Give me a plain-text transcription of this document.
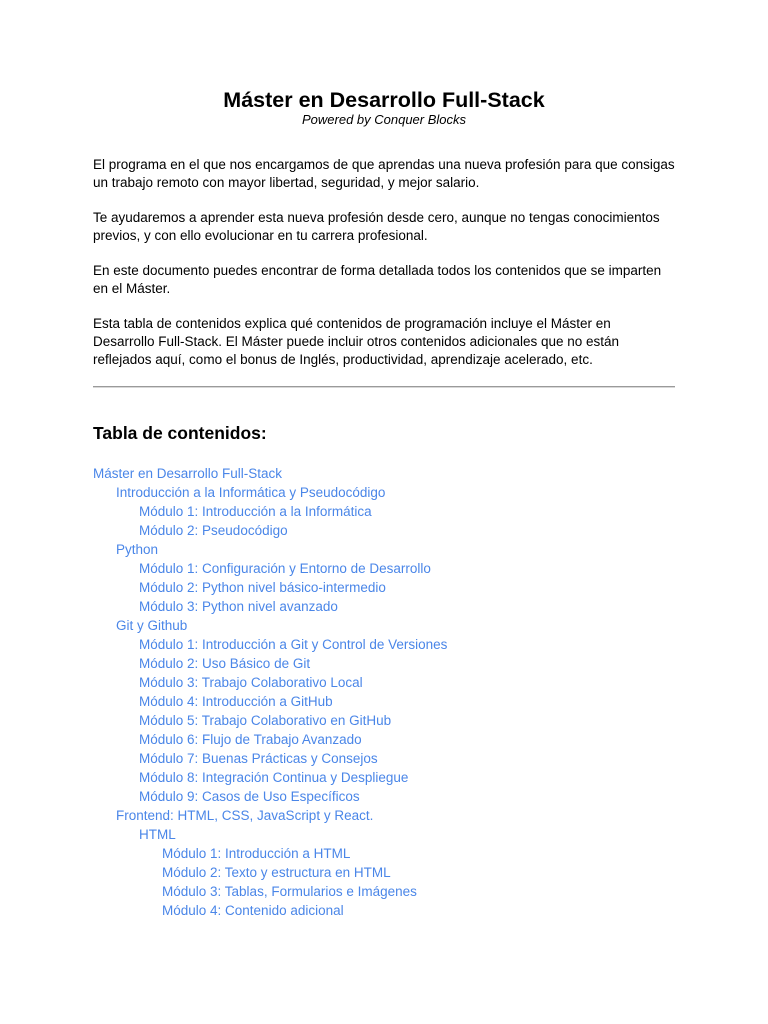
Máster en Desarrollo Full-Stack
Powered by Conquer Blocks

El programa en el que nos encargamos de que aprendas una nueva profesión para que consigas un trabajo remoto con mayor libertad, seguridad, y mejor salario.

Te ayudaremos a aprender esta nueva profesión desde cero, aunque no tengas conocimientos previos, y con ello evolucionar en tu carrera profesional.

En este documento puedes encontrar de forma detallada todos los contenidos que se imparten en el Máster.

Esta tabla de contenidos explica qué contenidos de programación incluye el Máster en Desarrollo Full-Stack. El Máster puede incluir otros contenidos adicionales que no están reflejados aquí, como el bonus de Inglés, productividad, aprendizaje acelerado, etc.

Tabla de contenidos:
Máster en Desarrollo Full-Stack
Introducción a la Informática y Pseudocódigo
Módulo 1: Introducción a la Informática
Módulo 2: Pseudocódigo
Python
Módulo 1: Configuración y Entorno de Desarrollo
Módulo 2: Python nivel básico-intermedio
Módulo 3: Python nivel avanzado
Git y Github
Módulo 1: Introducción a Git y Control de Versiones
Módulo 2: Uso Básico de Git
Módulo 3: Trabajo Colaborativo Local
Módulo 4: Introducción a GitHub
Módulo 5: Trabajo Colaborativo en GitHub
Módulo 6: Flujo de Trabajo Avanzado
Módulo 7: Buenas Prácticas y Consejos
Módulo 8: Integración Continua y Despliegue
Módulo 9: Casos de Uso Específicos
Frontend: HTML, CSS, JavaScript y React.
HTML
Módulo 1: Introducción a HTML
Módulo 2: Texto y estructura en HTML
Módulo 3: Tablas, Formularios e Imágenes
Módulo 4: Contenido adicional
